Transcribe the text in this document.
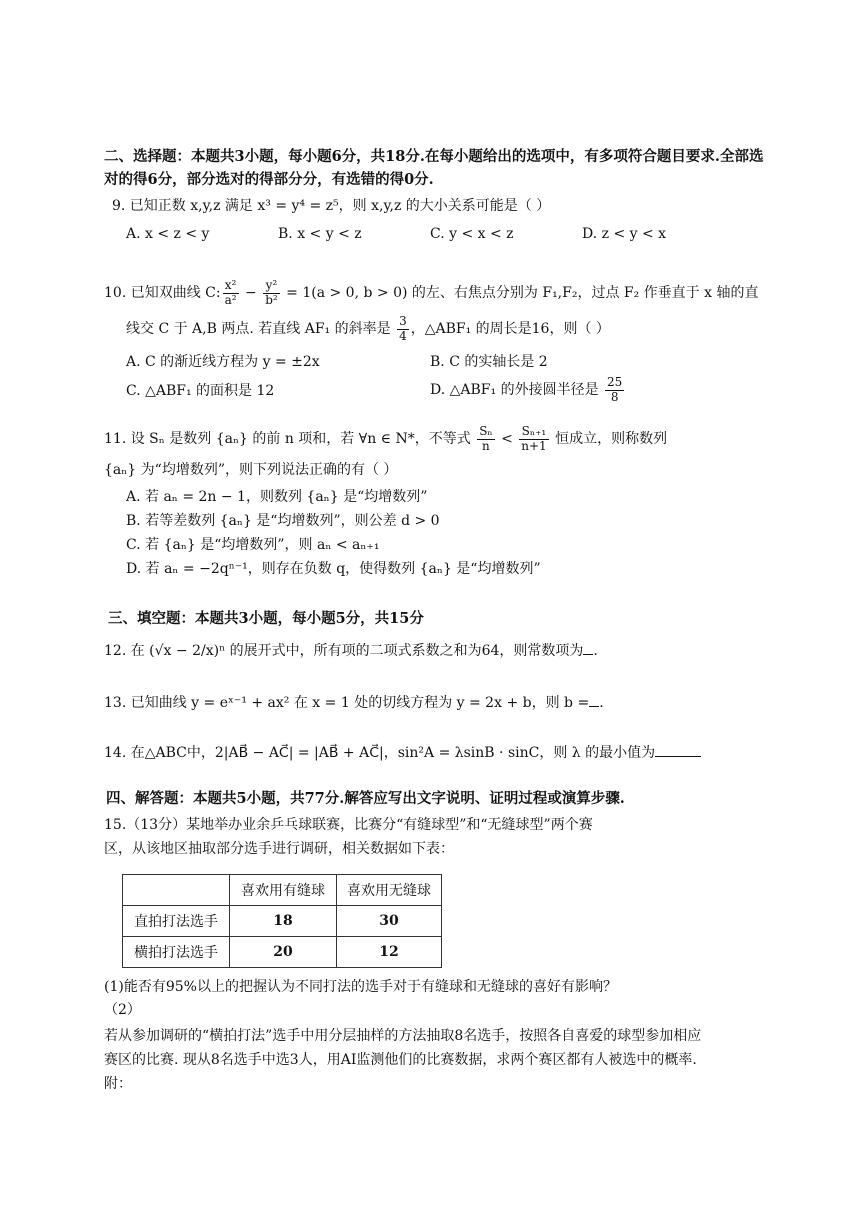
二、选择题：本题共3小题，每小题6分，共18分.在每小题给出的选项中，有多项符合题目要求.全部选
对的得6分，部分选对的得部分分，有选错的得0分.
9. 已知正数 x,y,z 满足 x³ = y⁴ = z⁵，则 x,y,z 的大小关系可能是（ ）
A. x < z < y	B. x < y < z	C. y < x < z	D. z < y < x
10. 已知双曲线 C: $\frac{\text{x²}}{\text{a²}} - \frac{\text{y²}}{\text{b²}} = 1(a > 0$, b > 0) 的左、右焦点分别为 F₁,F₂，过点 F₂ 作垂直于 x 轴的直
线交 C 于 A,B 两点. 若直线 AF₁ 的斜率是 $\frac{3}{4}$ ，△ABF₁ 的周长是16，则（ ）
A. C 的渐近线方程为 y = ±2x	B. C 的实轴长是 2
C. △ABF₁ 的面积是 12	D. △ABF₁ 的外接圆半径是 $\frac{25}{8}$
11. 设 Sₙ 是数列 {aₙ} 的前 n 项和，若 ∀n ∈ N*，不等式 $\frac{\text{Sₙ}}{n} < \frac{\text{Sₙ₊₁}}{n+1}$ 恒成立，则称数列
{aₙ} 为“均增数列”，则下列说法正确的有（ ）
A. 若 aₙ = 2n − 1，则数列 {aₙ} 是“均增数列”
B. 若等差数列 {aₙ} 是“均增数列”，则公差 d > 0
C. 若 {aₙ} 是“均增数列”，则 aₙ < aₙ₊₁
D. 若 aₙ = −2qⁿ⁻¹，则存在负数 q，使得数列 {aₙ} 是“均增数列”
三、填空题：本题共3小题，每小题5分，共15分
12. 在 (√x − 2/x)ⁿ 的展开式中，所有项的二项式系数之和为64，则常数项为 .
13. 已知曲线 y = eˣ⁻¹ + ax² 在 x = 1 处的切线方程为 y = 2x + b，则 b = .
14. 在△ABC中，2|AB⃗ − AC⃗| = |AB⃗ + AC⃗|，sin²A = λsinB · sinC，则 λ 的最小值为
四、解答题：本题共5小题，共77分.解答应写出文字说明、证明过程或演算步骤.
15.（13分）某地举办业余乒乓球联赛，比赛分“有缝球型”和“无缝球型”两个赛
区，从该地区抽取部分选手进行调研，相关数据如下表：
	喜欢用有缝球	喜欢用无缝球
直拍打法选手	18	30
横拍打法选手	20	12
(1)能否有95%以上的把握认为不同打法的选手对于有缝球和无缝球的喜好有影响？
（2）
若从参加调研的“横拍打法”选手中用分层抽样的方法抽取8名选手，按照各自喜爱的球型参加相应
赛区的比赛. 现从8名选手中选3人，用AI监测他们的比赛数据，求两个赛区都有人被选中的概率.
附：
